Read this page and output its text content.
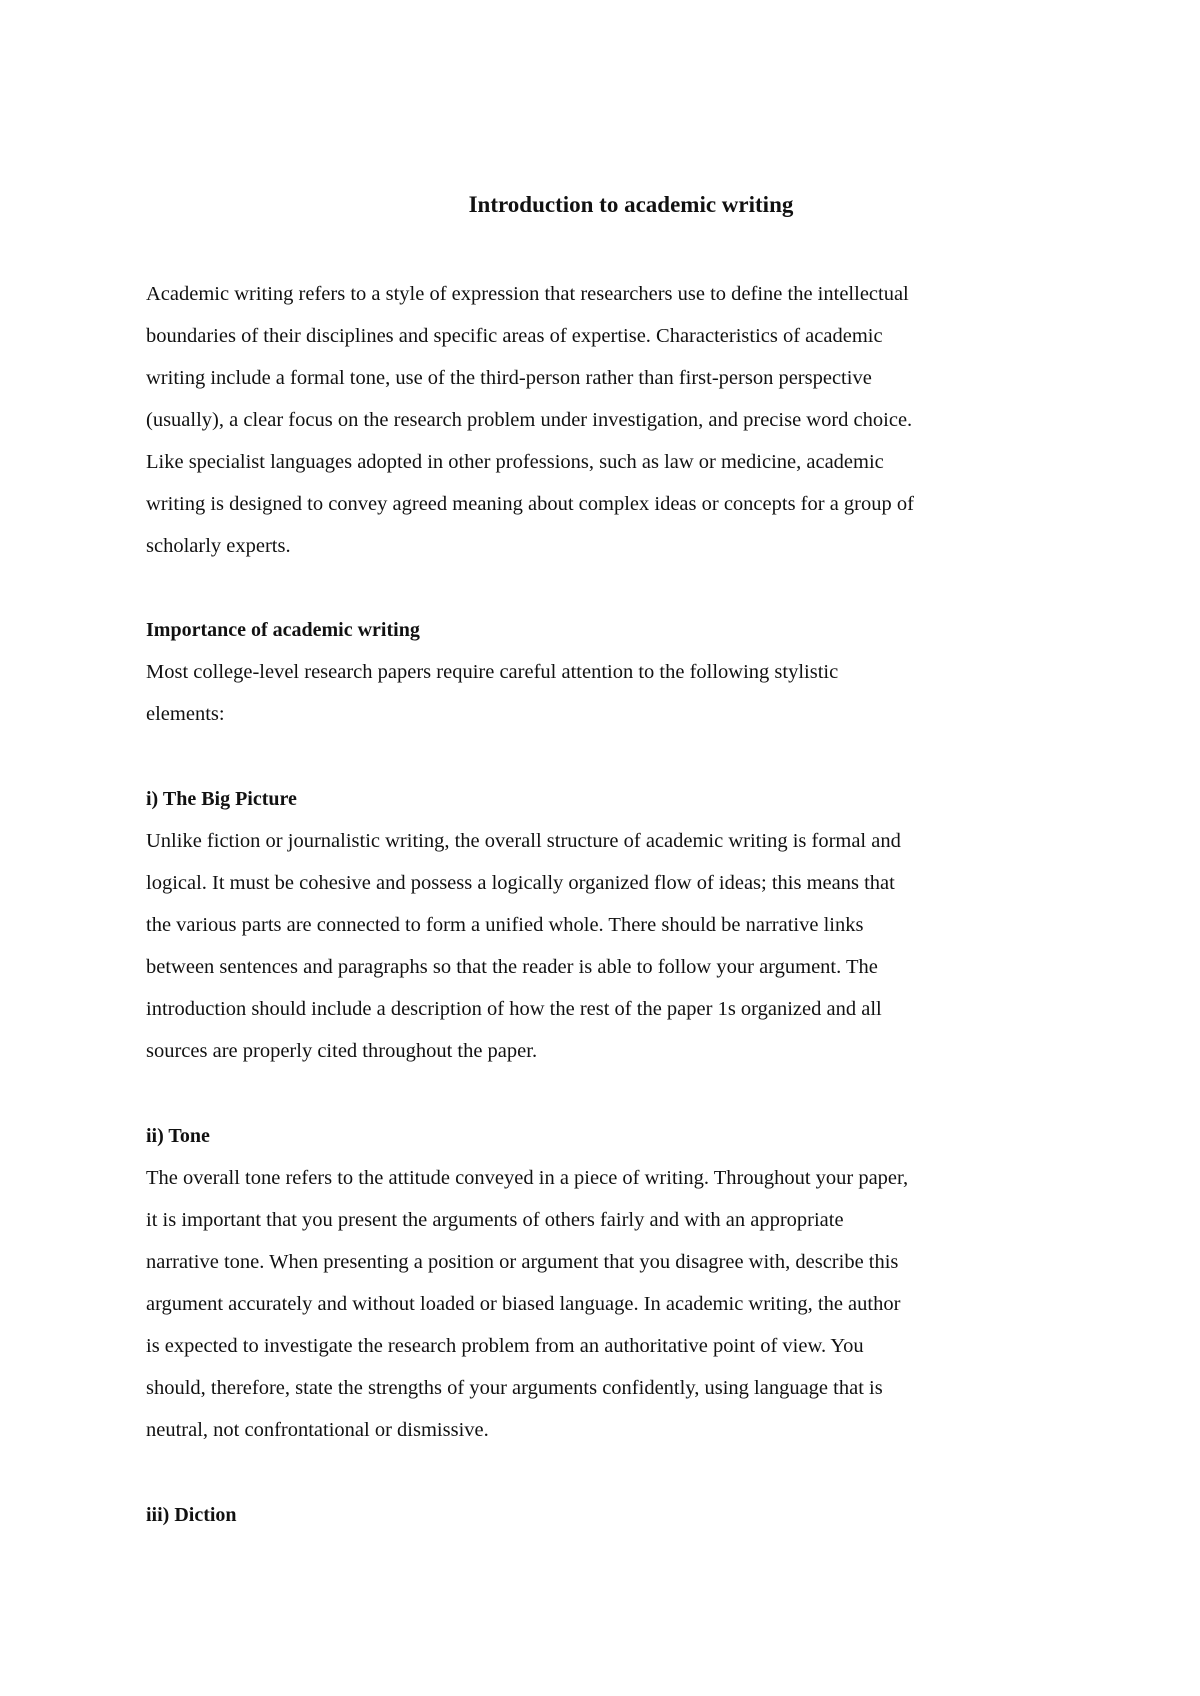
Introduction to academic writing
Academic writing refers to a style of expression that researchers use to define the intellectual
boundaries of their disciplines and specific areas of expertise. Characteristics of academic
writing include a formal tone, use of the third-person rather than first-person perspective
(usually), a clear focus on the research problem under investigation, and precise word choice.
Like specialist languages adopted in other professions, such as law or medicine, academic
writing is designed to convey agreed meaning about complex ideas or concepts for a group of
scholarly experts.
Importance of academic writing
Most college-level research papers require careful attention to the following stylistic
elements:
i) The Big Picture
Unlike fiction or journalistic writing, the overall structure of academic writing is formal and
logical. It must be cohesive and possess a logically organized flow of ideas; this means that
the various parts are connected to form a unified whole. There should be narrative links
between sentences and paragraphs so that the reader is able to follow your argument. The
introduction should include a description of how the rest of the paper 1s organized and all
sources are properly cited throughout the paper.
ii) Tone
The overall tone refers to the attitude conveyed in a piece of writing. Throughout your paper,
it is important that you present the arguments of others fairly and with an appropriate
narrative tone. When presenting a position or argument that you disagree with, describe this
argument accurately and without loaded or biased language. In academic writing, the author
is expected to investigate the research problem from an authoritative point of view. You
should, therefore, state the strengths of your arguments confidently, using language that is
neutral, not confrontational or dismissive.
iii) Diction
